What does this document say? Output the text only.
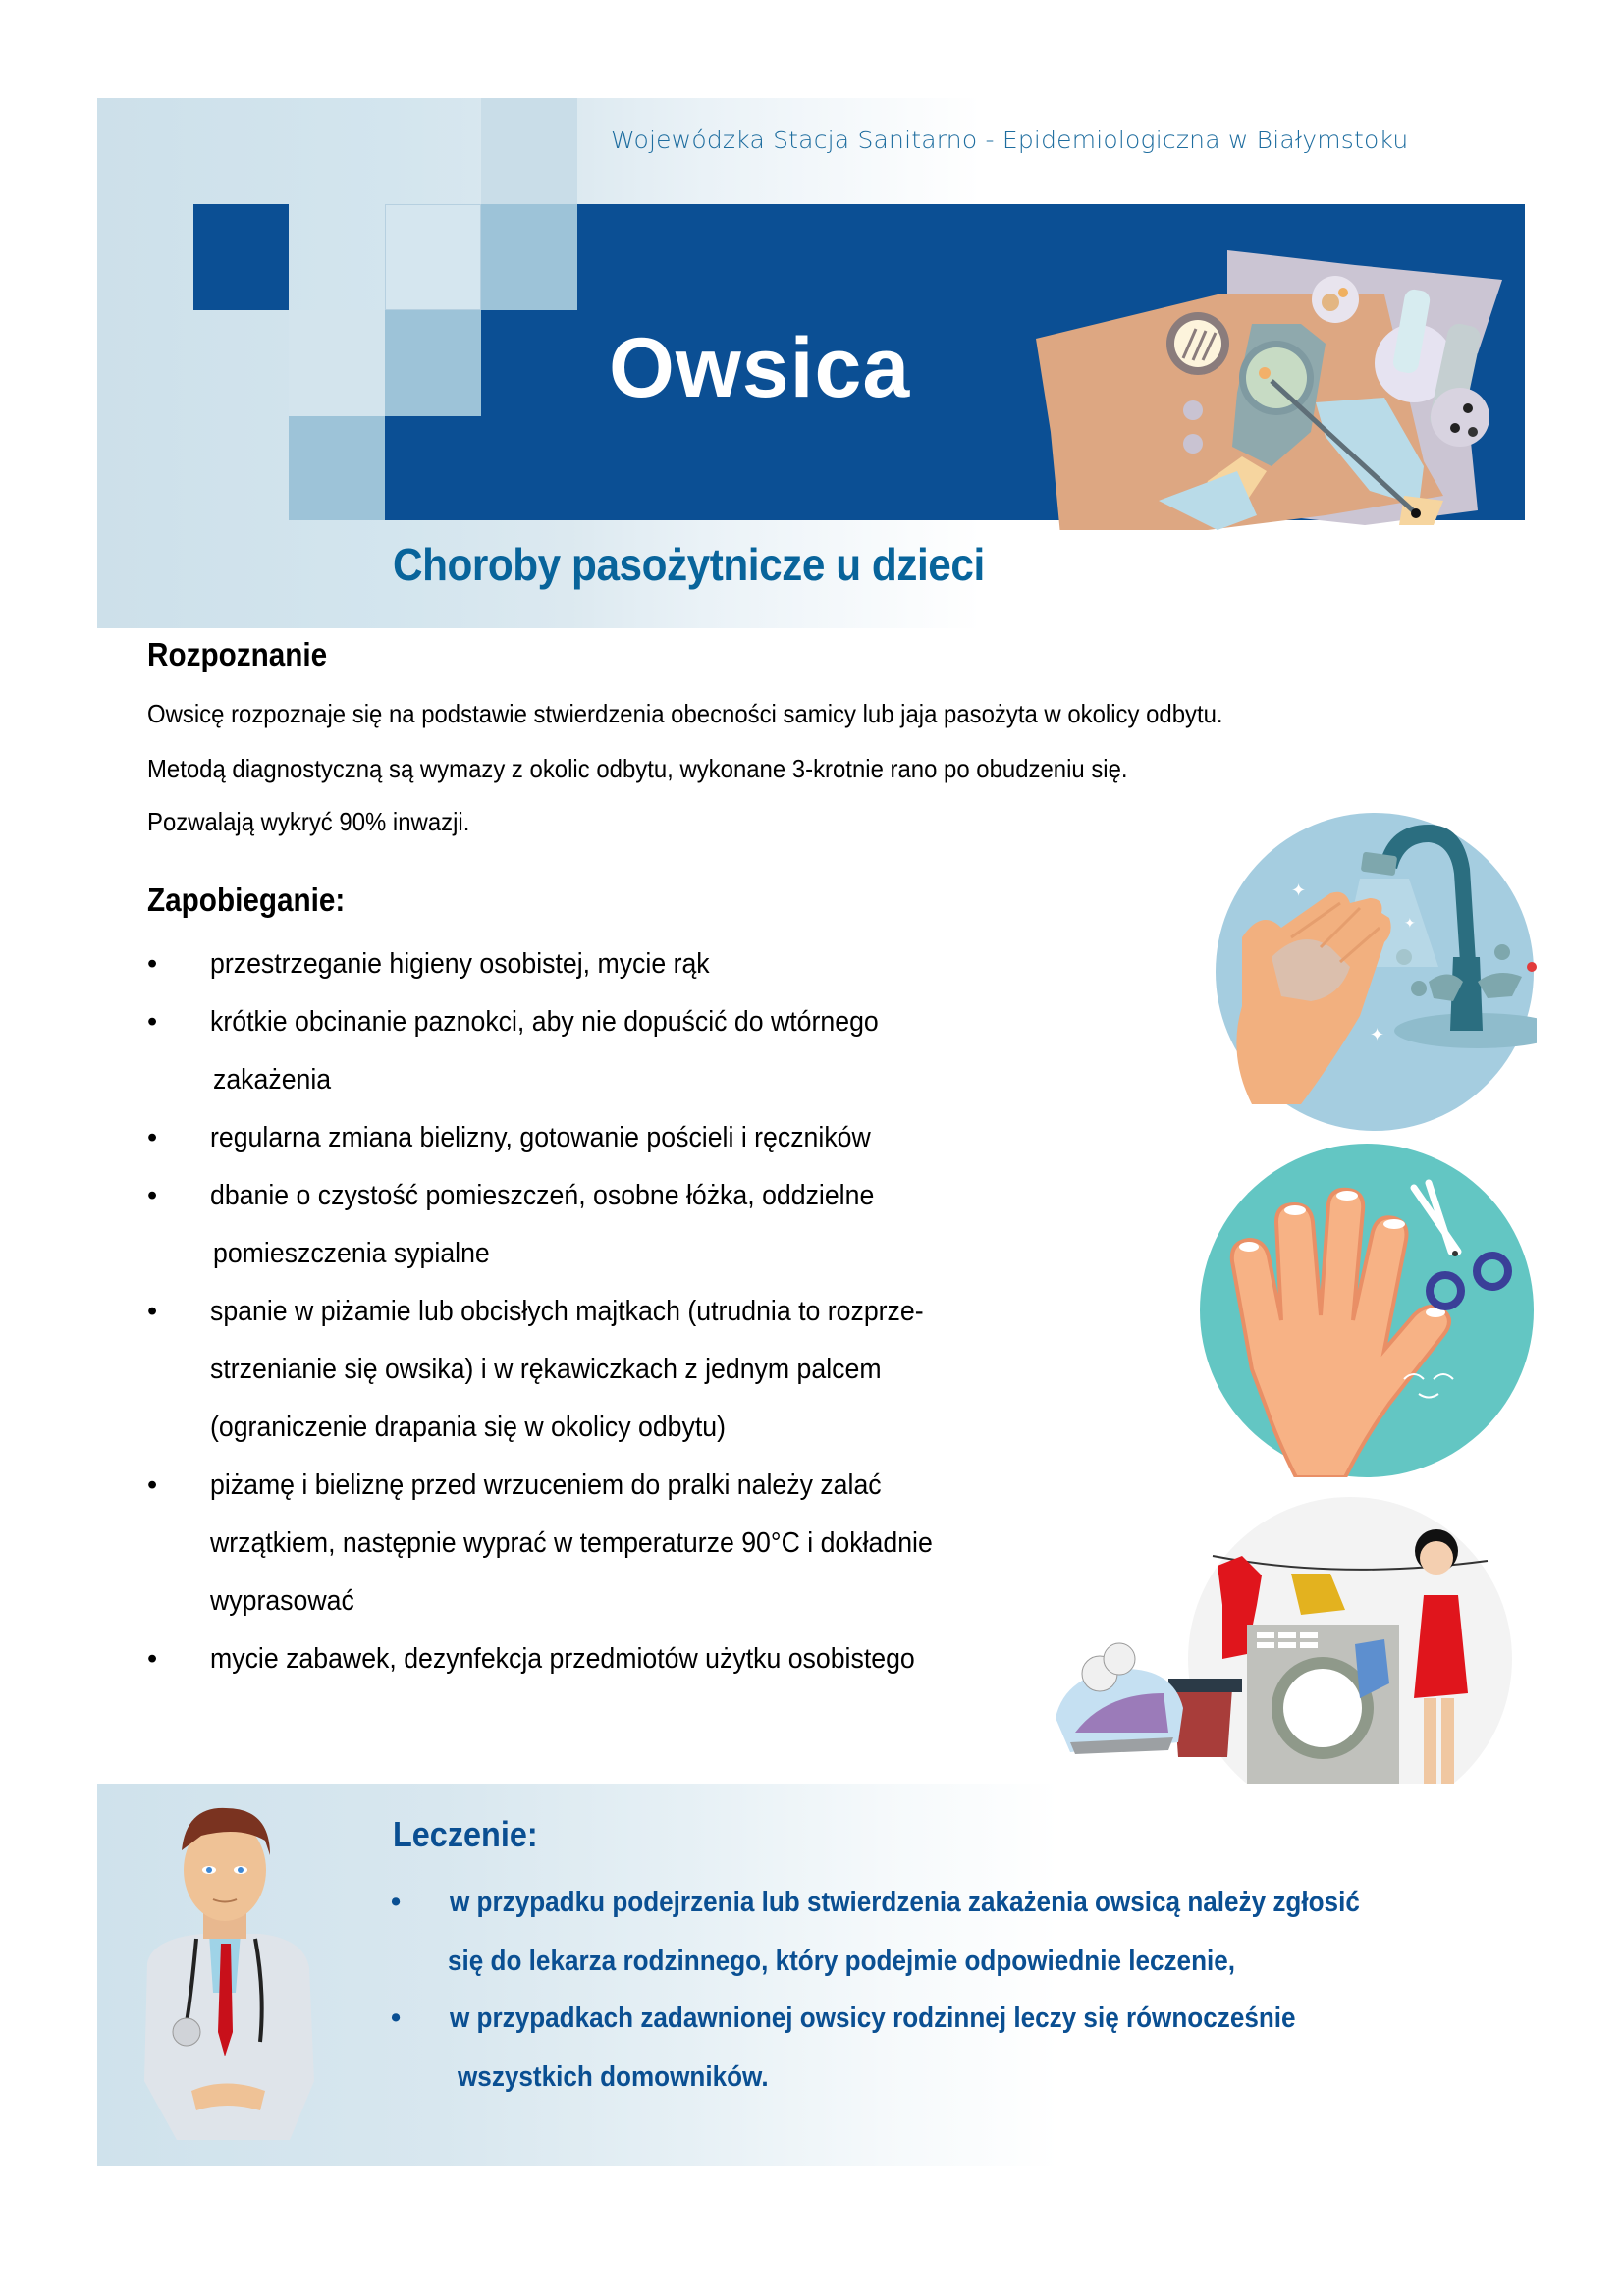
Wojewódzka Stacja Sanitarno - Epidemiologiczna w Białymstoku
Owsica
Choroby pasożytnicze u dzieci
Rozpoznanie
Owsicę rozpoznaje się na podstawie stwierdzenia obecności samicy lub jaja pasożyta w okolicy odbytu.
Metodą diagnostyczną są wymazy z okolic odbytu, wykonane 3-krotnie rano po obudzeniu się.
Pozwalają wykryć 90% inwazji.
Zapobieganie:
• przestrzeganie higieny osobistej, mycie rąk
• krótkie obcinanie paznokci, aby nie dopuścić do wtórnego
zakażenia
• regularna zmiana bielizny, gotowanie pościeli i ręczników
• dbanie o czystość pomieszczeń, osobne łóżka, oddzielne
pomieszczenia sypialne
• spanie w piżamie lub obcisłych majtkach (utrudnia to rozprze-
strzenianie się owsika) i w rękawiczkach z jednym palcem
(ograniczenie drapania się w okolicy odbytu)
• piżamę i bieliznę przed wrzuceniem do pralki należy zalać
wrzątkiem, następnie wyprać w temperaturze 90°C i dokładnie
wyprasować
• mycie zabawek, dezynfekcja przedmiotów użytku osobistego
✦
✦
✦
Leczenie:
• w przypadku podejrzenia lub stwierdzenia zakażenia owsicą należy zgłosić
się do lekarza rodzinnego, który podejmie odpowiednie leczenie,
• w przypadkach zadawnionej owsicy rodzinnej leczy się równocześnie
wszystkich domowników.
